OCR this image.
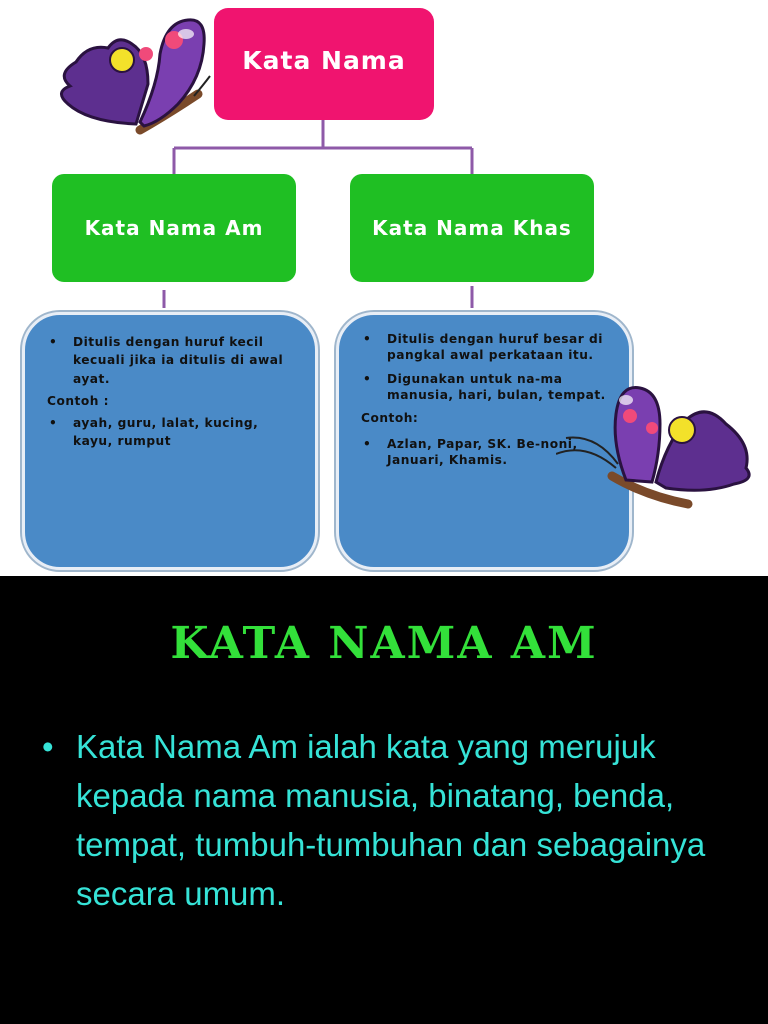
Kata Nama
Kata Nama Am	Kata Nama Khas
• Ditulis dengan huruf kecil kecuali jika ia ditulis di awal ayat.
Contoh :
• ayah, guru, lalat, kucing, kayu, rumput
• Ditulis dengan huruf besar di pangkal awal perkataan itu.
• Digunakan untuk na-ma manusia, hari, bulan, tempat.
Contoh:
• Azlan, Papar, SK. Be-noni, Januari, Khamis.
KATA NAMA AM
• Kata Nama Am ialah kata yang merujuk kepada nama manusia, binatang, benda, tempat, tumbuh-tumbuhan dan sebagainya secara umum.
